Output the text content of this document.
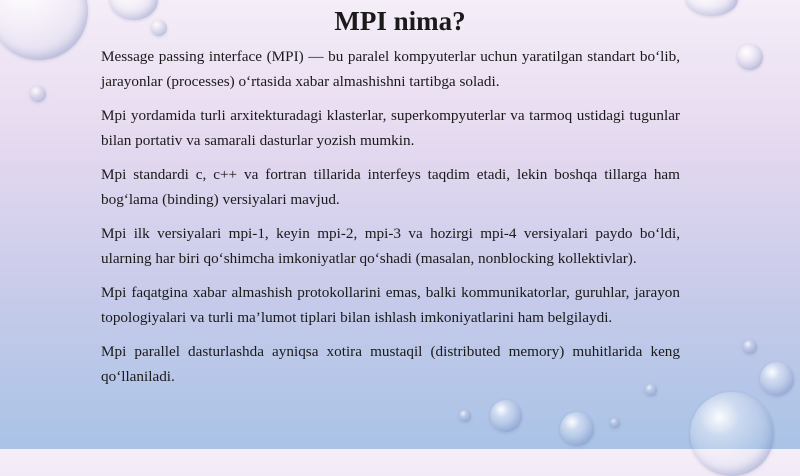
MPI nima?

Message passing interface (MPI) — bu paralel kompyuterlar uchun yaratilgan standart bo‘lib, jarayonlar (processes) o‘rtasida xabar almashishni tartibga soladi.

Mpi yordamida turli arxitekturadagi klasterlar, superkompyuterlar va tarmoq ustidagi tugunlar bilan portativ va samarali dasturlar yozish mumkin.

Mpi standardi c, c++ va fortran tillarida interfeys taqdim etadi, lekin boshqa tillarga ham bog‘lama (binding) versiyalari mavjud.

Mpi ilk versiyalari mpi-1, keyin mpi-2, mpi-3 va hozirgi mpi-4 versiyalari paydo bo‘ldi, ularning har biri qo‘shimcha imkoniyatlar qo‘shadi (masalan, nonblocking kollektivlar).

Mpi faqatgina xabar almashish protokollarini emas, balki kommunikatorlar, guruhlar, jarayon topologiyalari va turli ma’lumot tiplari bilan ishlash imkoniyatlarini ham belgilaydi.

Mpi parallel dasturlashda ayniqsa xotira mustaqil (distributed memory) muhitlarida keng qo‘llaniladi.
